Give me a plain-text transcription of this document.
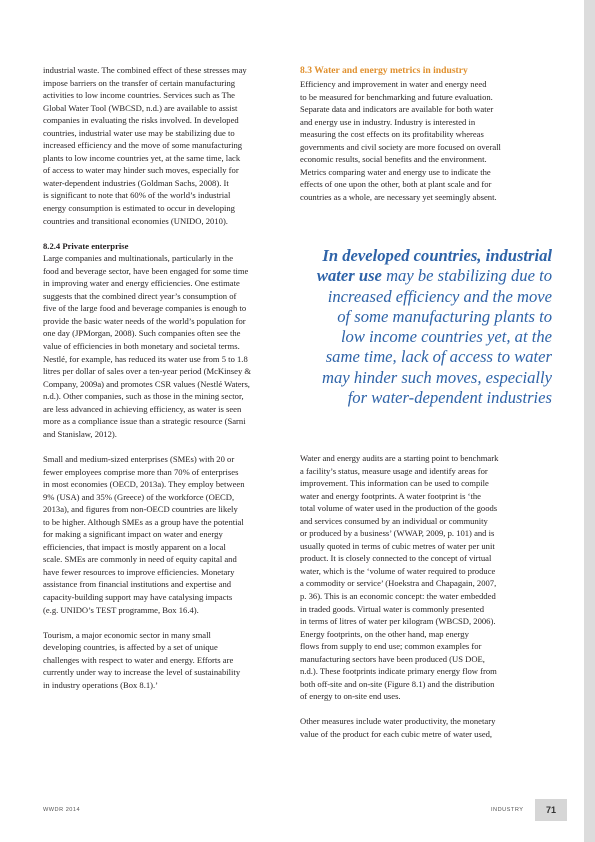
industrial waste. The combined effect of these stresses may
impose barriers on the transfer of certain manufacturing
activities to low income countries. Services such as The
Global Water Tool (WBCSD, n.d.) are available to assist
companies in evaluating the risks involved. In developed
countries, industrial water use may be stabilizing due to
increased efficiency and the move of some manufacturing
plants to low income countries yet, at the same time, lack
of access to water may hinder such moves, especially for
water-dependent industries (Goldman Sachs, 2008). It
is significant to note that 60% of the world’s industrial
energy consumption is estimated to occur in developing
countries and transitional economies (UNIDO, 2010).

8.2.4 Private enterprise

Large companies and multinationals, particularly in the
food and beverage sector, have been engaged for some time
in improving water and energy efficiencies. One estimate
suggests that the combined direct year’s consumption of
five of the large food and beverage companies is enough to
provide the basic water needs of the world’s population for
one day (JPMorgan, 2008). Such companies often see the
value of efficiencies in both monetary and societal terms.
Nestlé, for example, has reduced its water use from 5 to 1.8
litres per dollar of sales over a ten-year period (McKinsey &
Company, 2009a) and promotes CSR values (Nestlé Waters,
n.d.). Other companies, such as those in the mining sector,
are less advanced in achieving efficiency, as water is seen
more as a compliance issue than a strategic resource (Sarni
and Stanislaw, 2012).
Small and medium-sized enterprises (SMEs) with 20 or
fewer employees comprise more than 70% of enterprises
in most economies (OECD, 2013a). They employ between
9% (USA) and 35% (Greece) of the workforce (OECD,
2013a), and figures from non-OECD countries are likely
to be higher. Although SMEs as a group have the potential
for making a significant impact on water and energy
efficiencies, that impact is mostly apparent on a local
scale. SMEs are commonly in need of equity capital and
have fewer resources to improve efficiencies. Monetary
assistance from financial institutions and expertise and
capacity-building support may have catalysing impacts
(e.g. UNIDO’s TEST programme, Box 16.4).
Tourism, a major economic sector in many small
developing countries, is affected by a set of unique
challenges with respect to water and energy. Efforts are
currently under way to increase the level of sustainability
in industry operations (Box 8.1).’

8.3 Water and energy metrics in industry

Efficiency and improvement in water and energy need
to be measured for benchmarking and future evaluation.
Separate data and indicators are available for both water
and energy use in industry. Industry is interested in
measuring the cost effects on its profitability whereas
governments and civil society are more focused on overall
economic results, social benefits and the environment.
Metrics comparing water and energy use to indicate the
effects of one upon the other, both at plant scale and for
countries as a whole, are necessary yet seemingly absent.
In developed countries, industrial
water use may be stabilizing due to
increased efficiency and the move
of some manufacturing plants to
low income countries yet, at the
same time, lack of access to water
may hinder such moves, especially
for water-dependent industries
Water and energy audits are a starting point to benchmark
a facility’s status, measure usage and identify areas for
improvement. This information can be used to compile
water and energy footprints. A water footprint is ‘the
total volume of water used in the production of the goods
and services consumed by an individual or community
or produced by a business’ (WWAP, 2009, p. 101) and is
usually quoted in terms of cubic metres of water per unit
product. It is closely connected to the concept of virtual
water, which is the ‘volume of water required to produce
a commodity or service’ (Hoekstra and Chapagain, 2007,
p. 36). This is an economic concept: the water embedded
in traded goods. Virtual water is commonly presented
in terms of litres of water per kilogram (WBCSD, 2006).
Energy footprints, on the other hand, map energy
flows from supply to end use; common examples for
manufacturing sectors have been produced (US DOE,
n.d.). These footprints indicate primary energy flow from
both off-site and on-site (Figure 8.1) and the distribution
of energy to on-site end uses.
Other measures include water productivity, the monetary
value of the product for each cubic metre of water used,
WWDR 2014	INDUSTRY	71
